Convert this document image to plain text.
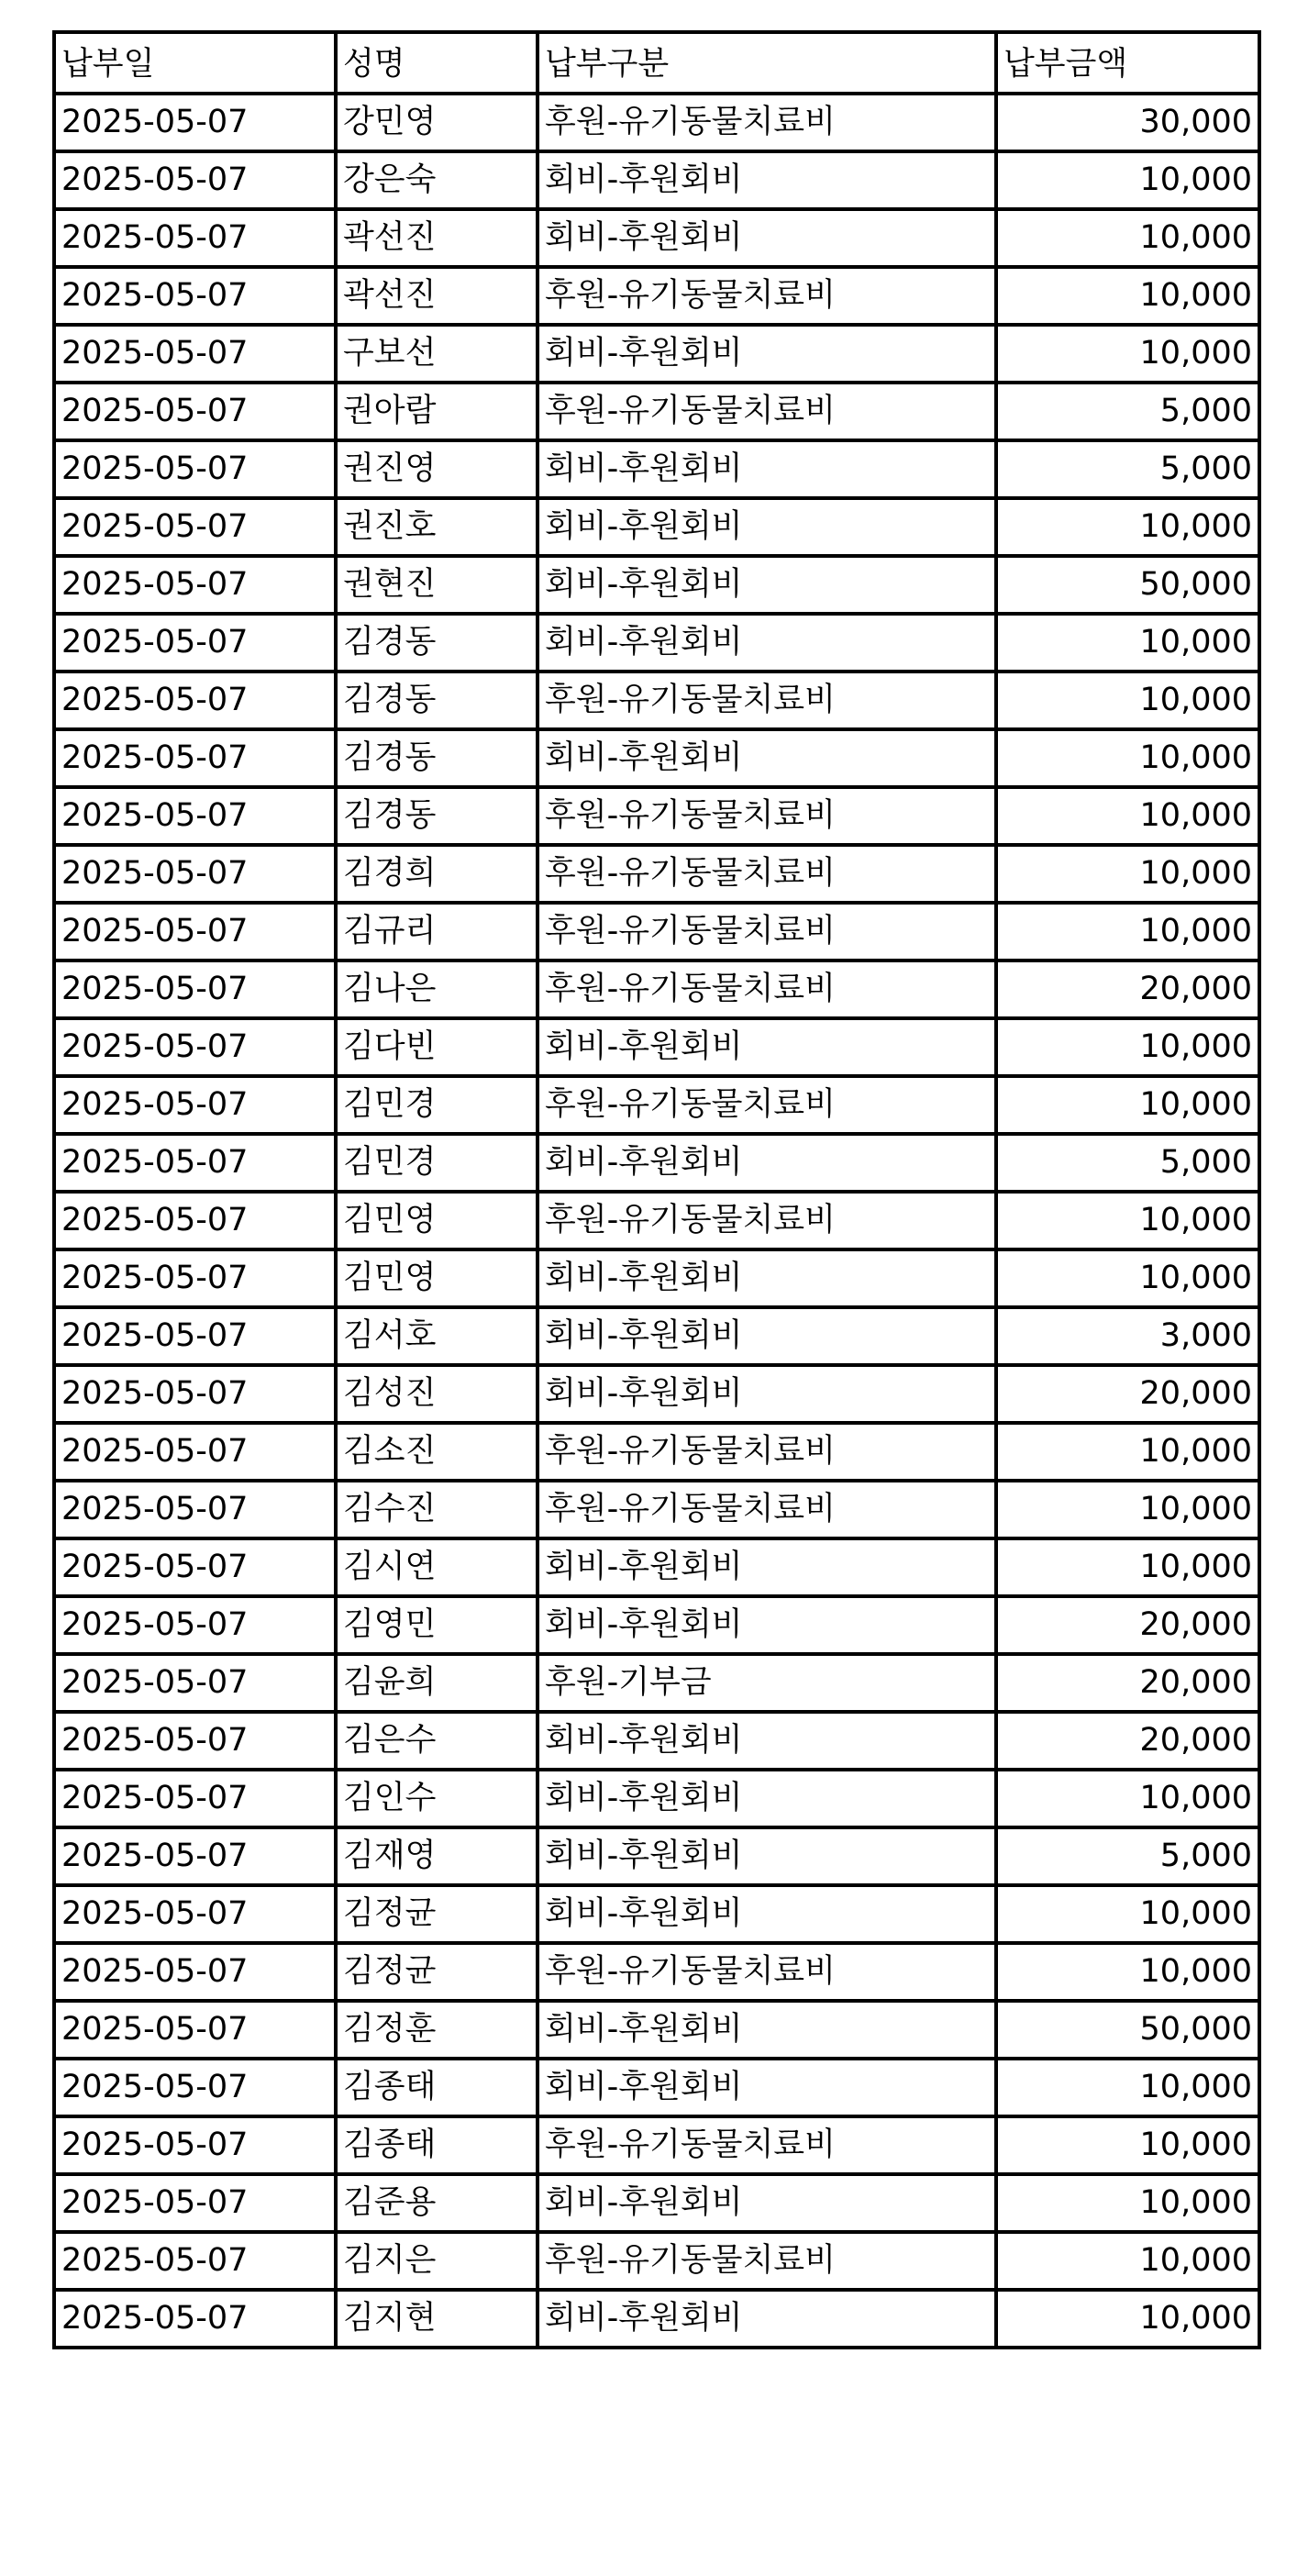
납부일	성명	납부구분	납부금액
2025-05-07	강민영	후원-유기동물치료비	30,000
2025-05-07	강은숙	회비-후원회비	10,000
2025-05-07	곽선진	회비-후원회비	10,000
2025-05-07	곽선진	후원-유기동물치료비	10,000
2025-05-07	구보선	회비-후원회비	10,000
2025-05-07	권아람	후원-유기동물치료비	5,000
2025-05-07	권진영	회비-후원회비	5,000
2025-05-07	권진호	회비-후원회비	10,000
2025-05-07	권현진	회비-후원회비	50,000
2025-05-07	김경동	회비-후원회비	10,000
2025-05-07	김경동	후원-유기동물치료비	10,000
2025-05-07	김경동	회비-후원회비	10,000
2025-05-07	김경동	후원-유기동물치료비	10,000
2025-05-07	김경희	후원-유기동물치료비	10,000
2025-05-07	김규리	후원-유기동물치료비	10,000
2025-05-07	김나은	후원-유기동물치료비	20,000
2025-05-07	김다빈	회비-후원회비	10,000
2025-05-07	김민경	후원-유기동물치료비	10,000
2025-05-07	김민경	회비-후원회비	5,000
2025-05-07	김민영	후원-유기동물치료비	10,000
2025-05-07	김민영	회비-후원회비	10,000
2025-05-07	김서호	회비-후원회비	3,000
2025-05-07	김성진	회비-후원회비	20,000
2025-05-07	김소진	후원-유기동물치료비	10,000
2025-05-07	김수진	후원-유기동물치료비	10,000
2025-05-07	김시연	회비-후원회비	10,000
2025-05-07	김영민	회비-후원회비	20,000
2025-05-07	김윤희	후원-기부금	20,000
2025-05-07	김은수	회비-후원회비	20,000
2025-05-07	김인수	회비-후원회비	10,000
2025-05-07	김재영	회비-후원회비	5,000
2025-05-07	김정균	회비-후원회비	10,000
2025-05-07	김정균	후원-유기동물치료비	10,000
2025-05-07	김정훈	회비-후원회비	50,000
2025-05-07	김종태	회비-후원회비	10,000
2025-05-07	김종태	후원-유기동물치료비	10,000
2025-05-07	김준용	회비-후원회비	10,000
2025-05-07	김지은	후원-유기동물치료비	10,000
2025-05-07	김지현	회비-후원회비	10,000
